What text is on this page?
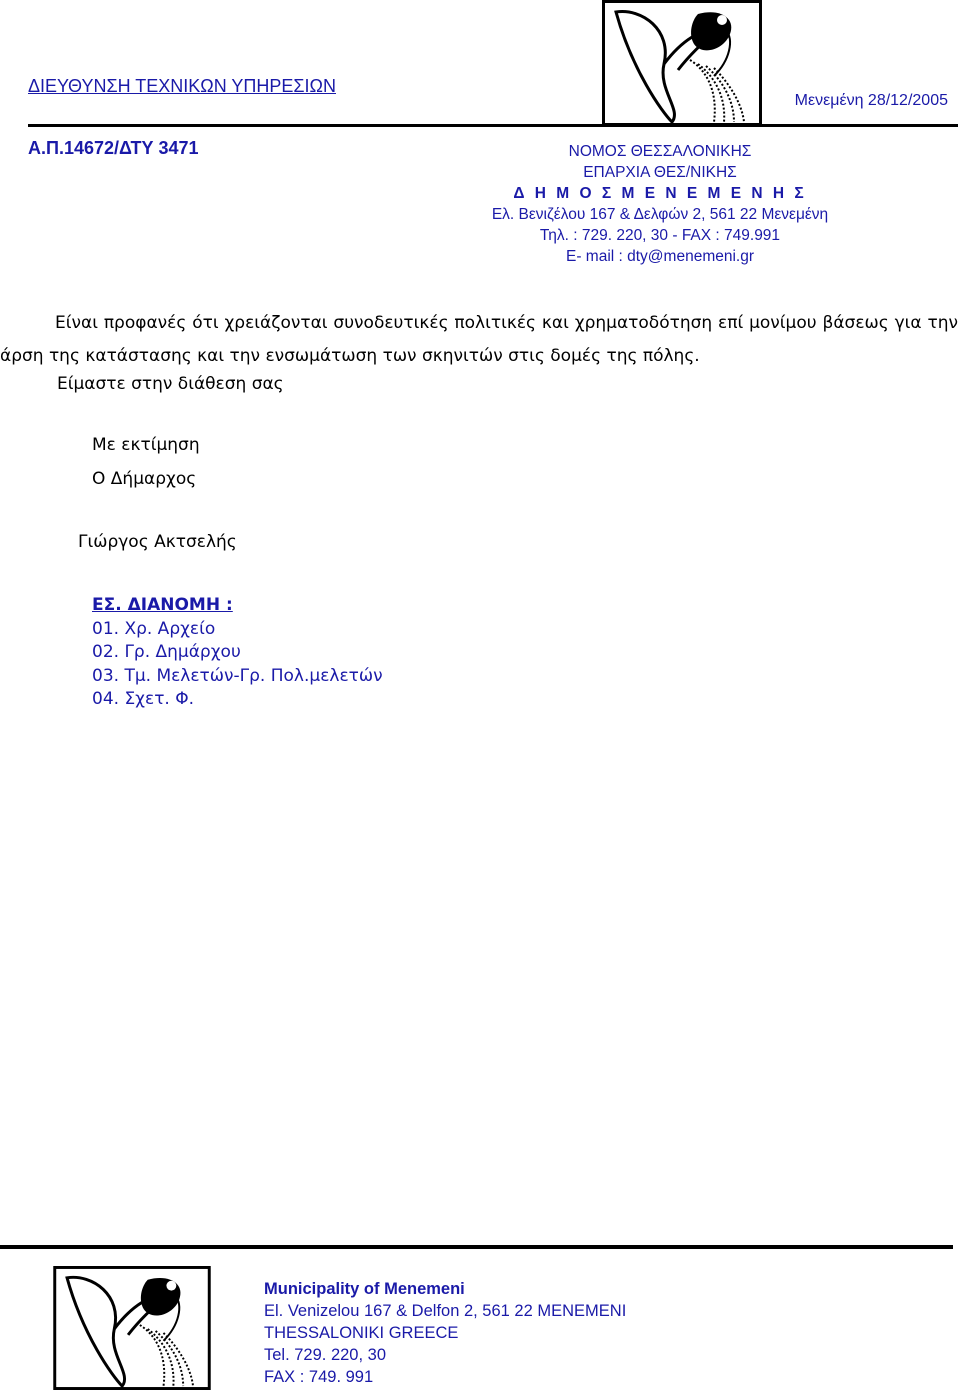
ΔΙΕΥΘΥΝΣΗ ΤΕΧΝΙΚΩΝ ΥΠΗΡΕΣΙΩΝ
Μενεμένη 28/12/2005
Α.Π.14672/ΔΤΥ 3471	ΝΟΜΟΣ ΘΕΣΣΑΛΟΝΙΚΗΣ
ΕΠΑΡΧΙΑ ΘΕΣ/ΝΙΚΗΣ
Δ Η Μ Ο Σ Μ Ε Ν Ε Μ Ε Ν Η Σ
Ελ. Βενιζέλου 167 & Δελφών 2, 561 22 Μενεμένη
Τηλ. : 729. 220, 30 - FAX : 749.991
E- mail : dty@menemeni.gr

Είναι προφανές ότι χρειάζονται συνοδευτικές πολιτικές και χρηματοδότηση επί μονίμου βάσεως για την άρση της κατάστασης και την ενσωμάτωση των σκηνιτών στις δομές της πόλης.

Είμαστε στην διάθεση σας
Με εκτίμηση
Ο Δήμαρχος
Γιώργος Ακτσελής
ΕΣ. ΔΙΑΝΟΜΗ :
01. Χρ. Αρχείο
02. Γρ. Δημάρχου
03. Τμ. Μελετών-Γρ. Πολ.μελετών
04. Σχετ. Φ.
Municipality of Menemeni
El. Venizelou 167 & Delfon 2, 561 22 MENEMENI
THESSALONIKI GREECE
Tel. 729. 220, 30
FAX : 749. 991
